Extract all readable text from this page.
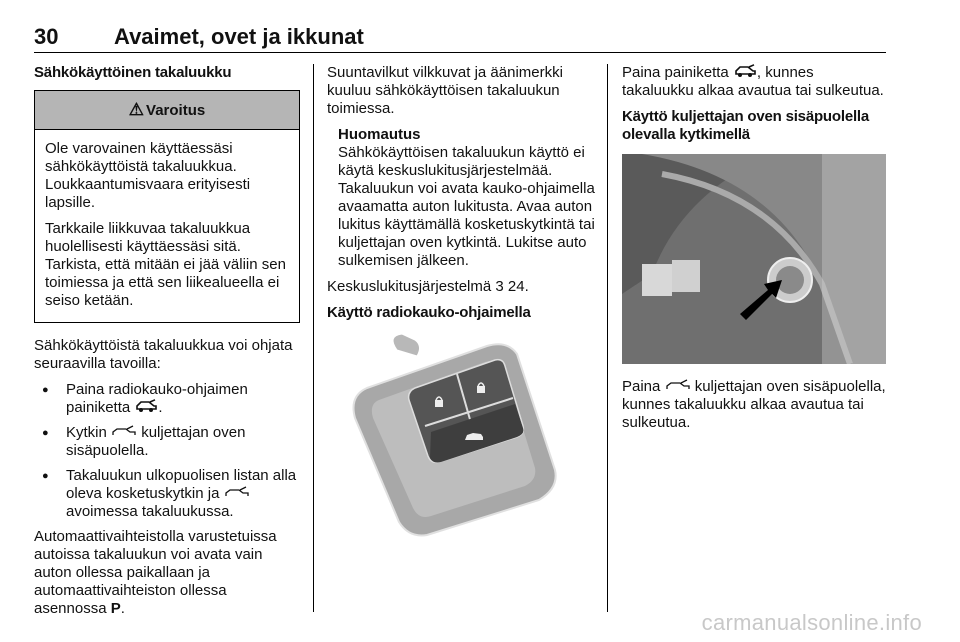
30	Avaimet, ovet ja ikkunat
Sähkökäyttöinen takaluukku
⚠ Varoitus

Ole varovainen käyttäessäsi sähkökäyttöistä takaluukkua. Loukkaantumisvaara erityisesti lapsille.

Tarkkaile liikkuvaa takaluukkua huolellisesti käyttäessäsi sitä. Tarkista, että mitään ei jää väliin sen toimiessa ja että sen liikealueella ei seiso ketään.

Sähkökäyttöistä takaluukkua voi ohjata seuraavilla tavoilla:

● Paina radiokauko-ohjaimen painiketta .
● Kytkin kuljettajan oven sisäpuolella.
● Takaluukun ulkopuolisen listan alla oleva kosketuskytkin ja  avoimessa takaluukussa.

Automaattivaihteistolla varustetuissa autoissa takaluukun voi avata vain auton ollessa paikallaan ja automaattivaihteiston ollessa asennossa P.

Suuntavilkut vilkkuvat ja äänimerkki kuuluu sähkökäyttöisen takaluukun toimiessa.

Huomautus
Sähkökäyttöisen takaluukun käyttö ei käytä keskuslukitusjärjestelmää. Takaluukun voi avata kauko-ohjaimella avaamatta auton lukitusta. Avaa auton lukitus käyttämällä kosketuskytkintä tai kuljettajan oven kytkintä. Lukitse auto sulkemisen jälkeen.

Keskuslukitusjärjestelmä 3 24.

Käyttö radiokauko-ohjaimella

Paina painiketta , kunnes takaluukku alkaa avautua tai sulkeutua.

Käyttö kuljettajan oven sisäpuolella olevalla kytkimellä

Paina kuljettajan oven sisäpuolella, kunnes takaluukku alkaa avautua tai sulkeutua.

carmanualsonline.info
